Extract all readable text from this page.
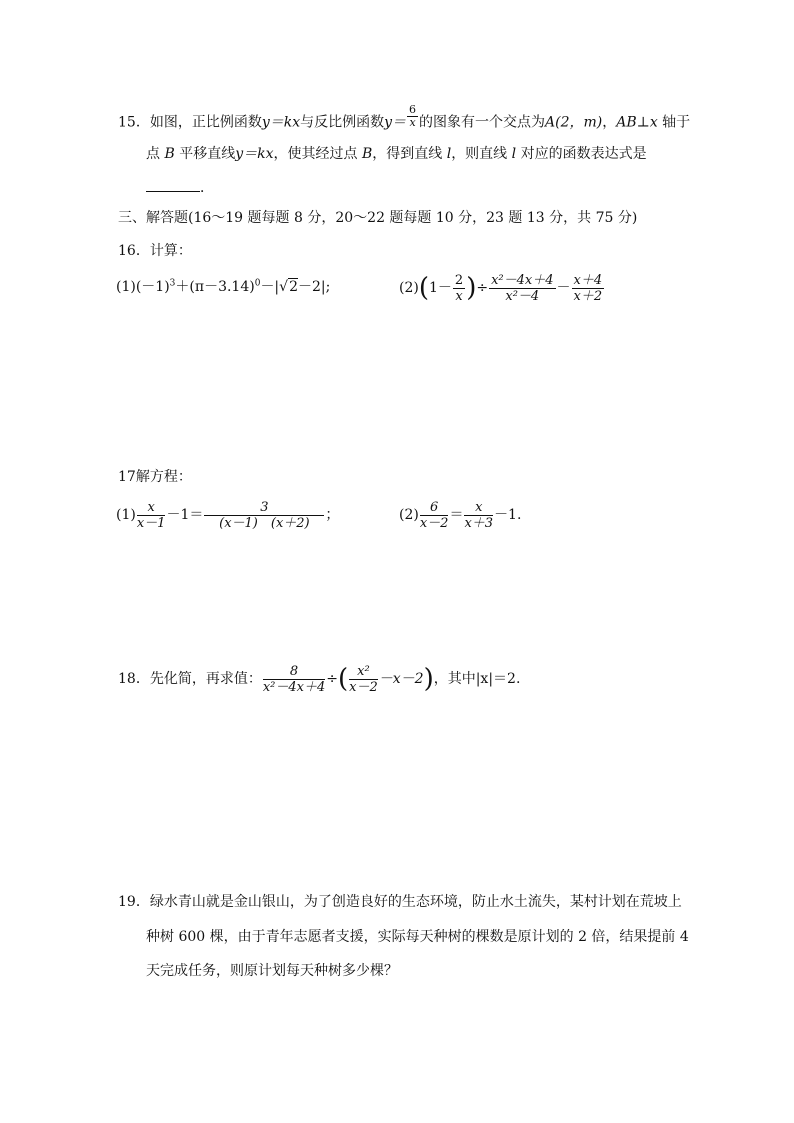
15．如图，正比例函数y＝kx与反比例函数$y= \frac{6}{x}$ 的图象有一个交点为A(2，m)，AB⊥x 轴于
点 B 平移直线y＝kx，使其经过点 B，得到直线 l，则直线 l 对应的函数表达式是
．
三、解答题(16～19 题每题 8 分，20～22 题每题 10 分，23 题 13 分，共 75 分)
16．计算：
$(1)(-1)^3+(\pi-3.14)^0-|√2-2|$;	(2) ( $1- \frac{2}{x}$ ) ÷ $\frac{\text{x²－4x＋4}}{\text{x²－4}} - \frac{x+4}{x+2}$
17解方程：
$(1) \frac{x}{x-1} -1= \frac{3}{(x-1) (x+2)}$ ；	$(2) \frac{6}{x-2} = \frac{x}{x+3} -1$.
18．先化简，再求值： $\frac{8}{\text{x²－4x＋4}}$ ÷ ( $\frac{\text{x²}}{x-2} -x-2$ ) ，其中|x|＝2.
19．绿水青山就是金山银山，为了创造良好的生态环境，防止水土流失，某村计划在荒坡上
种树 600 棵，由于青年志愿者支援，实际每天种树的棵数是原计划的 2 倍，结果提前 4
天完成任务，则原计划每天种树多少棵？
